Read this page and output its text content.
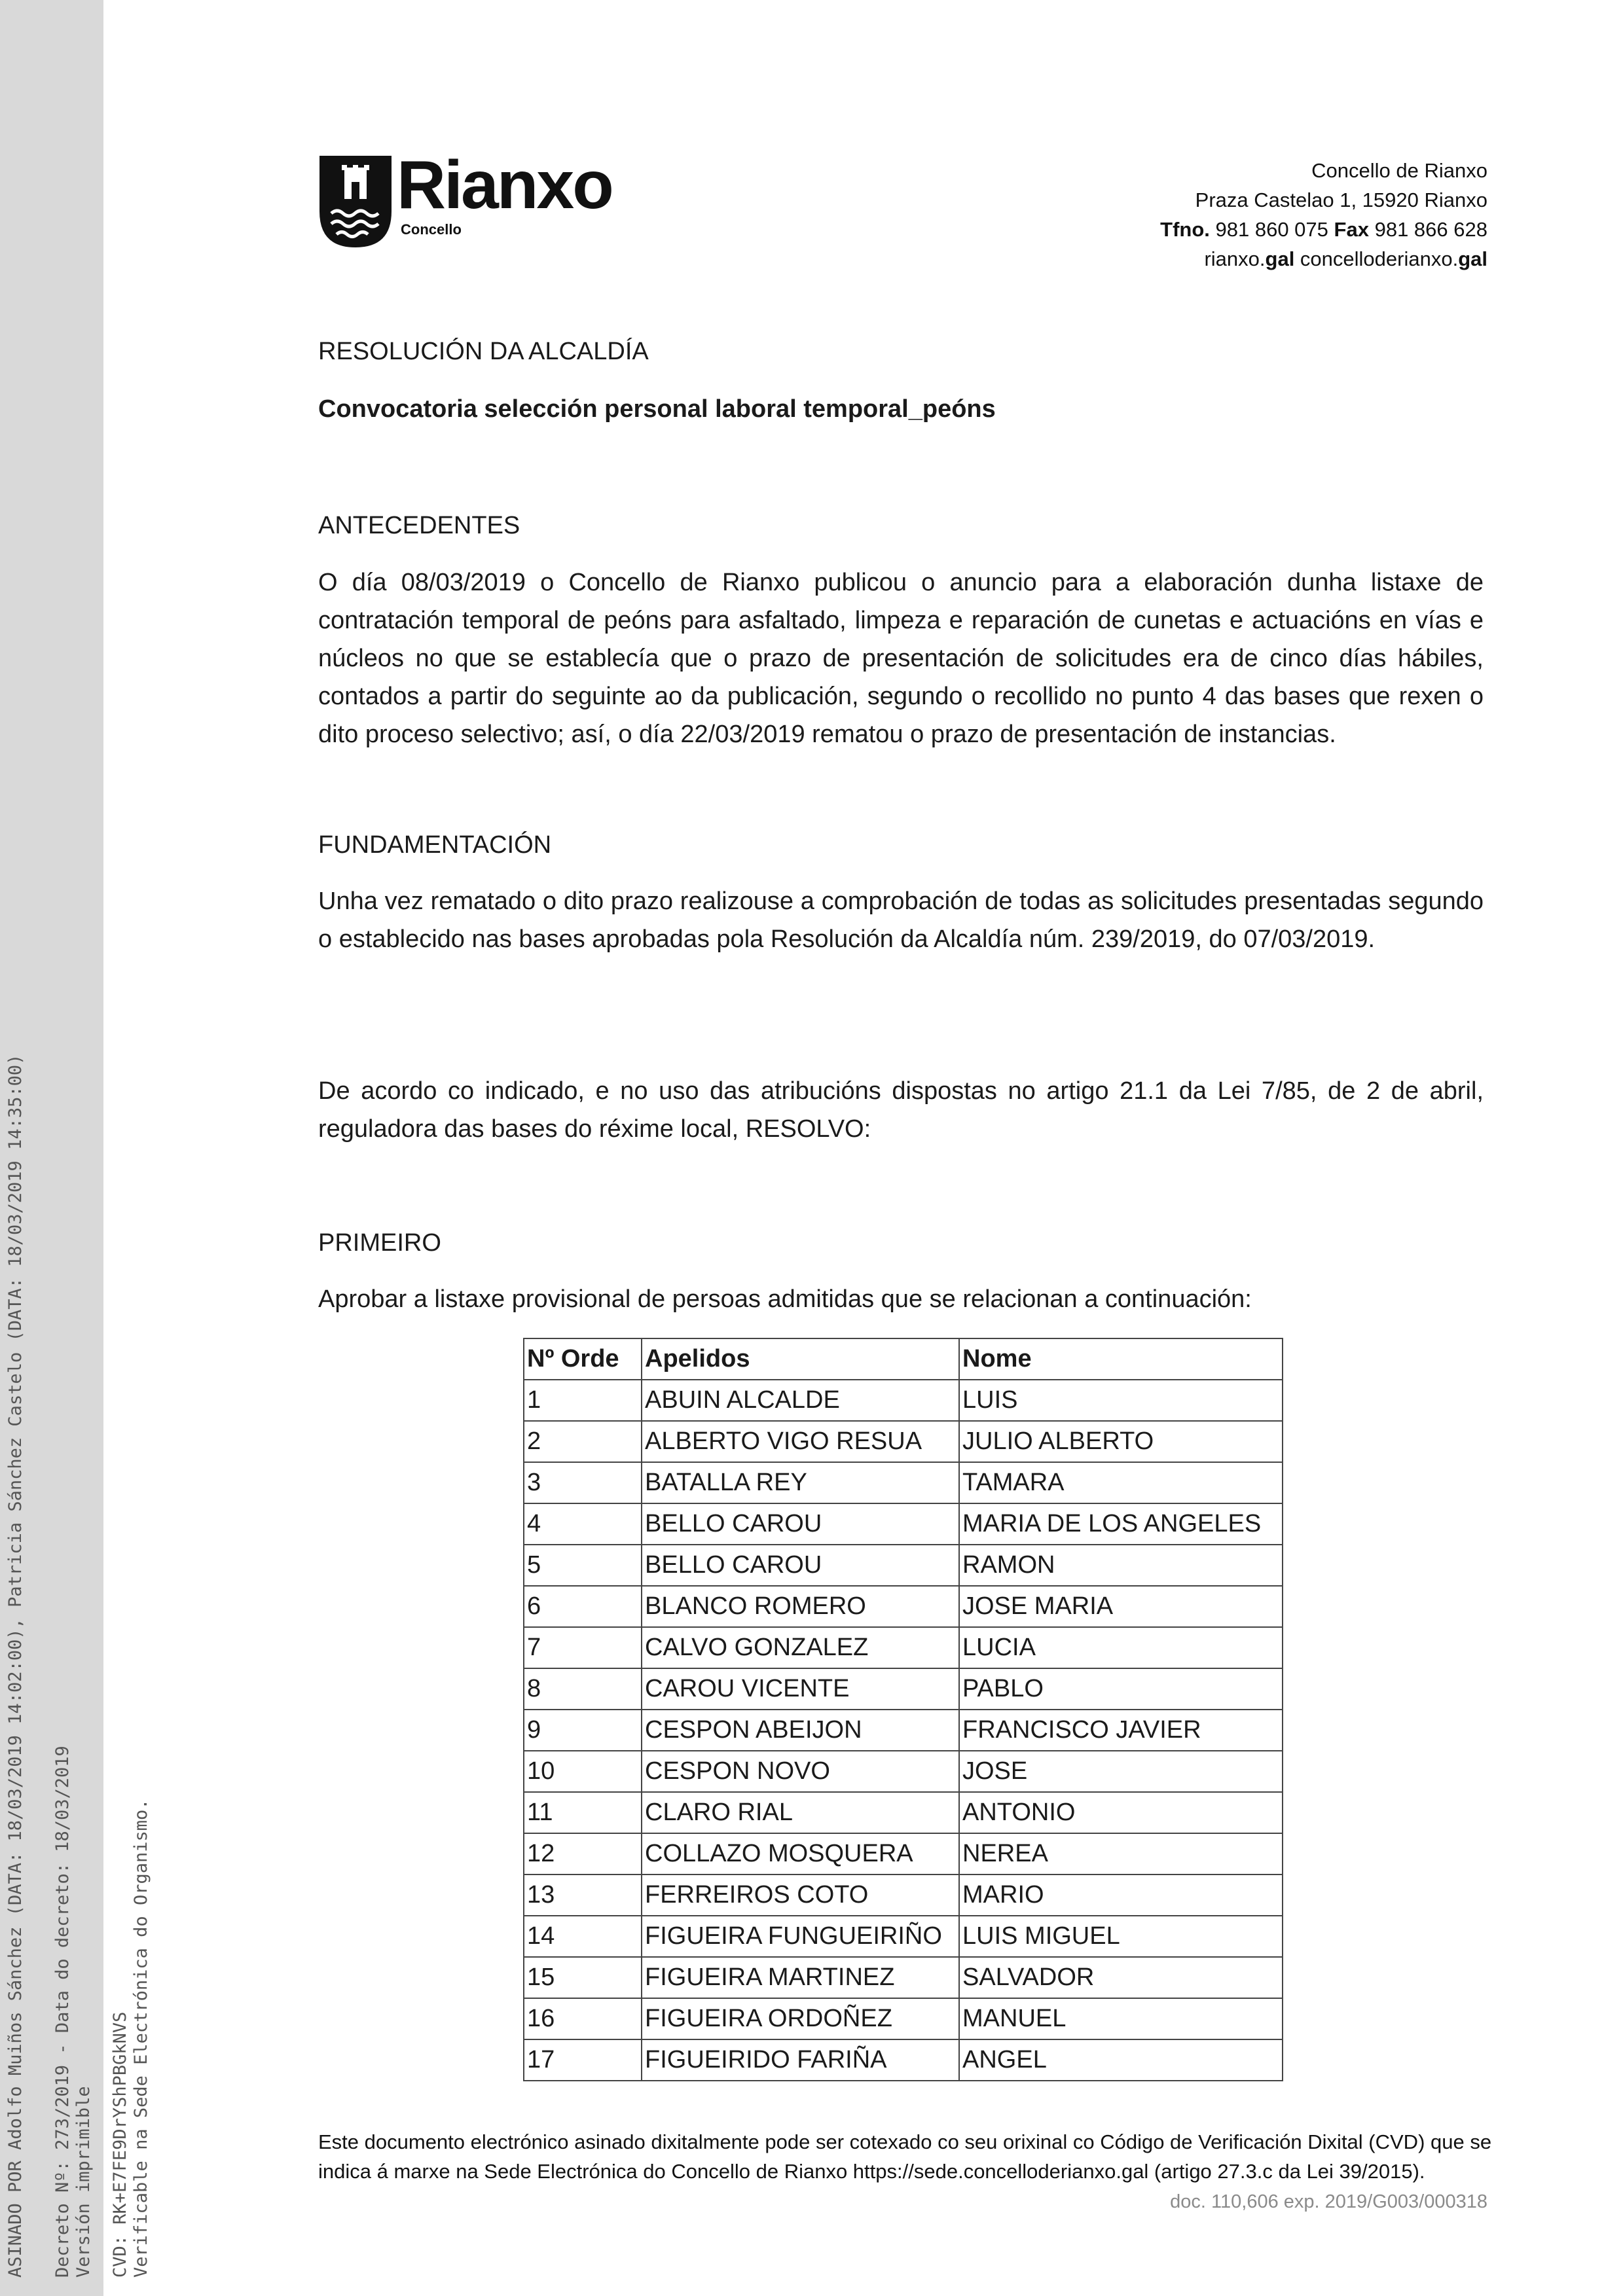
ASINADO POR Adolfo Muiños Sánchez (DATA: 18/03/2019 14:02:00), Patricia Sánchez Castelo (DATA: 18/03/2019 14:35:00) Decreto Nº: 273/2019 - Data do decreto: 18/03/2019 Versión imprimible CVD: RK+E7FE9DrYShPBGkNVS Verificable na Sede Electrónica do Organismo.
Rianxo
Concello
Concello de Rianxo
Praza Castelao 1, 15920 Rianxo
Tfno. 981 860 075 Fax 981 866 628
rianxo.gal concelloderianxo.gal
RESOLUCIÓN DA ALCALDÍA
Convocatoria selección personal laboral temporal_peóns
ANTECEDENTES
O día 08/03/2019 o Concello de Rianxo publicou o anuncio para a elaboración dunha listaxe de contratación temporal de peóns para asfaltado, limpeza e reparación de cunetas e actuacións en vías e núcleos no que se establecía que o prazo de presentación de solicitudes era de cinco días hábiles, contados a partir do seguinte ao da publicación, segundo o recollido no punto 4 das bases que rexen o dito proceso selectivo; así, o día 22/03/2019 rematou o prazo de presentación de instancias.
FUNDAMENTACIÓN
Unha vez rematado o dito prazo realizouse a comprobación de todas as solicitudes presentadas segundo o establecido nas bases aprobadas pola Resolución da Alcaldía núm. 239/2019, do 07/03/2019.
De acordo co indicado, e no uso das atribucións dispostas no artigo 21.1 da Lei 7/85, de 2 de abril, reguladora das bases do réxime local, RESOLVO:
PRIMEIRO
Aprobar a listaxe provisional de persoas admitidas que se relacionan a continuación:
Nº Orde	Apelidos	Nome
1	ABUIN ALCALDE	LUIS
2	ALBERTO VIGO RESUA	JULIO ALBERTO
3	BATALLA REY	TAMARA
4	BELLO CAROU	MARIA DE LOS ANGELES
5	BELLO CAROU	RAMON
6	BLANCO ROMERO	JOSE MARIA
7	CALVO GONZALEZ	LUCIA
8	CAROU VICENTE	PABLO
9	CESPON ABEIJON	FRANCISCO JAVIER
10	CESPON NOVO	JOSE
11	CLARO RIAL	ANTONIO
12	COLLAZO MOSQUERA	NEREA
13	FERREIROS COTO	MARIO
14	FIGUEIRA FUNGUEIRIÑO	LUIS MIGUEL
15	FIGUEIRA MARTINEZ	SALVADOR
16	FIGUEIRA ORDOÑEZ	MANUEL
17	FIGUEIRIDO FARIÑA	ANGEL
Este documento electrónico asinado dixitalmente pode ser cotexado co seu orixinal co Código de Verificación Dixital (CVD) que se indica á marxe na Sede Electrónica do Concello de Rianxo https://sede.concelloderianxo.gal (artigo 27.3.c da Lei 39/2015).
doc. 110,606 exp. 2019/G003/000318
